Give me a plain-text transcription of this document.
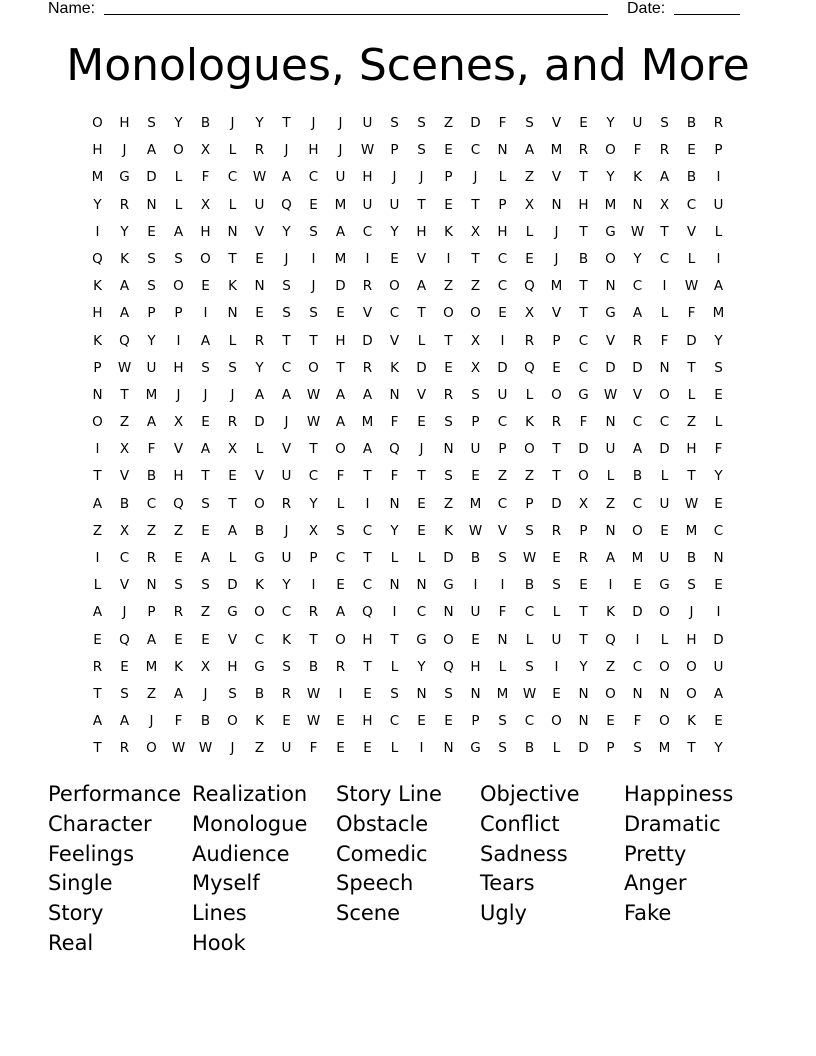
Name:	Date:
Monologues, Scenes, and More
O	H	S	Y	B	J	Y	T	J	J	U	S	S	Z	D	F	S	V	E	Y	U	S	B	R
H	J	A	O	X	L	R	J	H	J	W	P	S	E	C	N	A	M	R	O	F	R	E	P
M	G	D	L	F	C	W	A	C	U	H	J	J	P	J	L	Z	V	T	Y	K	A	B	I
Y	R	N	L	X	L	U	Q	E	M	U	U	T	E	T	P	X	N	H	M	N	X	C	U
I	Y	E	A	H	N	V	Y	S	A	C	Y	H	K	X	H	L	J	T	G	W	T	V	L
Q	K	S	S	O	T	E	J	I	M	I	E	V	I	T	C	E	J	B	O	Y	C	L	I
K	A	S	O	E	K	N	S	J	D	R	O	A	Z	Z	C	Q	M	T	N	C	I	W	A
H	A	P	P	I	N	E	S	S	E	V	C	T	O	O	E	X	V	T	G	A	L	F	M
K	Q	Y	I	A	L	R	T	T	H	D	V	L	T	X	I	R	P	C	V	R	F	D	Y
P	W	U	H	S	S	Y	C	O	T	R	K	D	E	X	D	Q	E	C	D	D	N	T	S
N	T	M	J	J	J	A	A	W	A	A	N	V	R	S	U	L	O	G	W	V	O	L	E
O	Z	A	X	E	R	D	J	W	A	M	F	E	S	P	C	K	R	F	N	C	C	Z	L
I	X	F	V	A	X	L	V	T	O	A	Q	J	N	U	P	O	T	D	U	A	D	H	F
T	V	B	H	T	E	V	U	C	F	T	F	T	S	E	Z	Z	T	O	L	B	L	T	Y
A	B	C	Q	S	T	O	R	Y	L	I	N	E	Z	M	C	P	D	X	Z	C	U	W	E
Z	X	Z	Z	E	A	B	J	X	S	C	Y	E	K	W	V	S	R	P	N	O	E	M	C
I	C	R	E	A	L	G	U	P	C	T	L	L	D	B	S	W	E	R	A	M	U	B	N
L	V	N	S	S	D	K	Y	I	E	C	N	N	G	I	I	B	S	E	I	E	G	S	E
A	J	P	R	Z	G	O	C	R	A	Q	I	C	N	U	F	C	L	T	K	D	O	J	I
E	Q	A	E	E	V	C	K	T	O	H	T	G	O	E	N	L	U	T	Q	I	L	H	D
R	E	M	K	X	H	G	S	B	R	T	L	Y	Q	H	L	S	I	Y	Z	C	O	O	U
T	S	Z	A	J	S	B	R	W	I	E	S	N	S	N	M	W	E	N	O	N	N	O	A
A	A	J	F	B	O	K	E	W	E	H	C	E	E	P	S	C	O	N	E	F	O	K	E
T	R	O	W	W	J	Z	U	F	E	E	L	I	N	G	S	B	L	D	P	S	M	T	Y
Performance
Character
Feelings
Single
Story
Real
Realization
Monologue
Audience
Myself
Lines
Hook
Story Line
Obstacle
Comedic
Speech
Scene
Objective
Conflict
Sadness
Tears
Ugly
Happiness
Dramatic
Pretty
Anger
Fake
